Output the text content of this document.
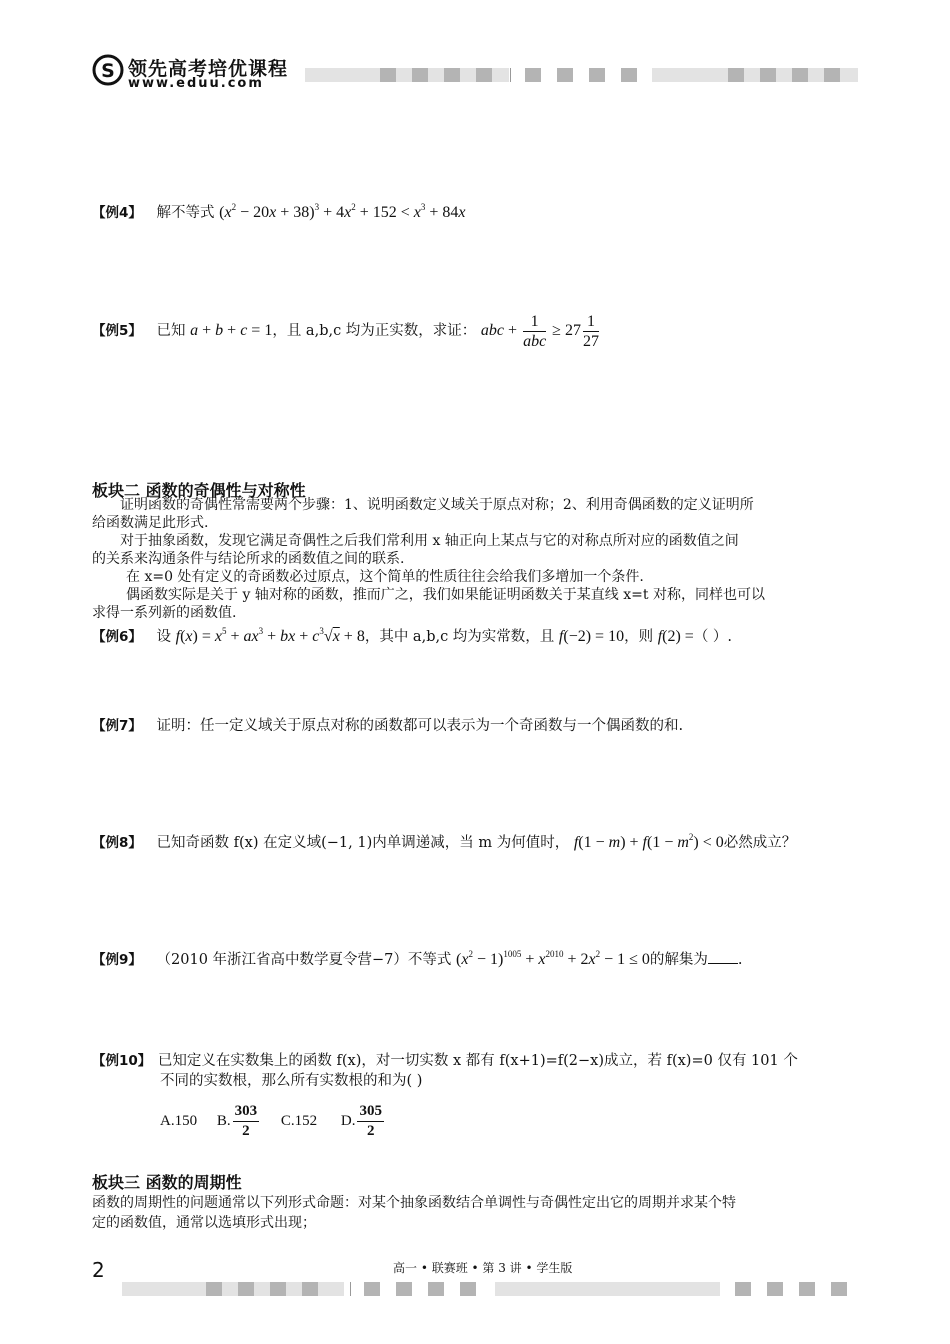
S 领先高考培优课程
www.eduu.com
【例4】 解不等式 $(x^2 - 20x + 38)^3 + 4x^2 + 152 < x^3 + 84x$
【例5】 已知 a + b + c = 1，且 a,b,c 均为正实数，求证： abc + $\frac{1}{\text{abc}} \ge 27 \frac{1}{27}$
板块二 函数的奇偶性与对称性
证明函数的奇偶性常需要两个步骤：1、说明函数定义域关于原点对称；2、利用奇偶函数的定义证明所
给函数满足此形式.
对于抽象函数，发现它满足奇偶性之后我们常利用 x 轴正向上某点与它的对称点所对应的函数值之间
的关系来沟通条件与结论所求的函数值之间的联系.
在 x=0 处有定义的奇函数必过原点，这个简单的性质往往会给我们多增加一个条件.
偶函数实际是关于 y 轴对称的函数，推而广之，我们如果能证明函数关于某直线 x=t 对称，同样也可以
求得一系列新的函数值.
【例6】 设 $f(x) = x^5 + ax^3$ + bx + $c^3√x + 8$，其中 a,b,c 均为实常数，且 f(−2) = 10，则 f(2) =（ ）.
【例7】 证明：任一定义域关于原点对称的函数都可以表示为一个奇函数与一个偶函数的和.
【例8】 已知奇函数 f(x) 在定义域(−1, 1)内单调递减，当 m 为何值时， $f(1 - m) + f(1 - m^2) < 0$必然成立？
【例9】 （2010 年浙江省高中数学夏令营−7）不等式 $(x^2 - 1)^{1005} + x^{2010} + 2x^2 - 1 \le 0$的解集为 .
【例10】 已知定义在实数集上的函数 f(x)，对一切实数 x 都有 f(x+1)=f(2−x)成立，若 f(x)=0 仅有 101 个
不同的实数根，那么所有实数根的和为( )
A.150 B. $\frac{303}{2} C.152$ D. $\frac{305}{2}$
板块三 函数的周期性
函数的周期性的问题通常以下列形式命题：对某个抽象函数结合单调性与奇偶性定出它的周期并求某个特
定的函数值，通常以选填形式出现；
2	高一 • 联赛班 • 第 3 讲 • 学生版
